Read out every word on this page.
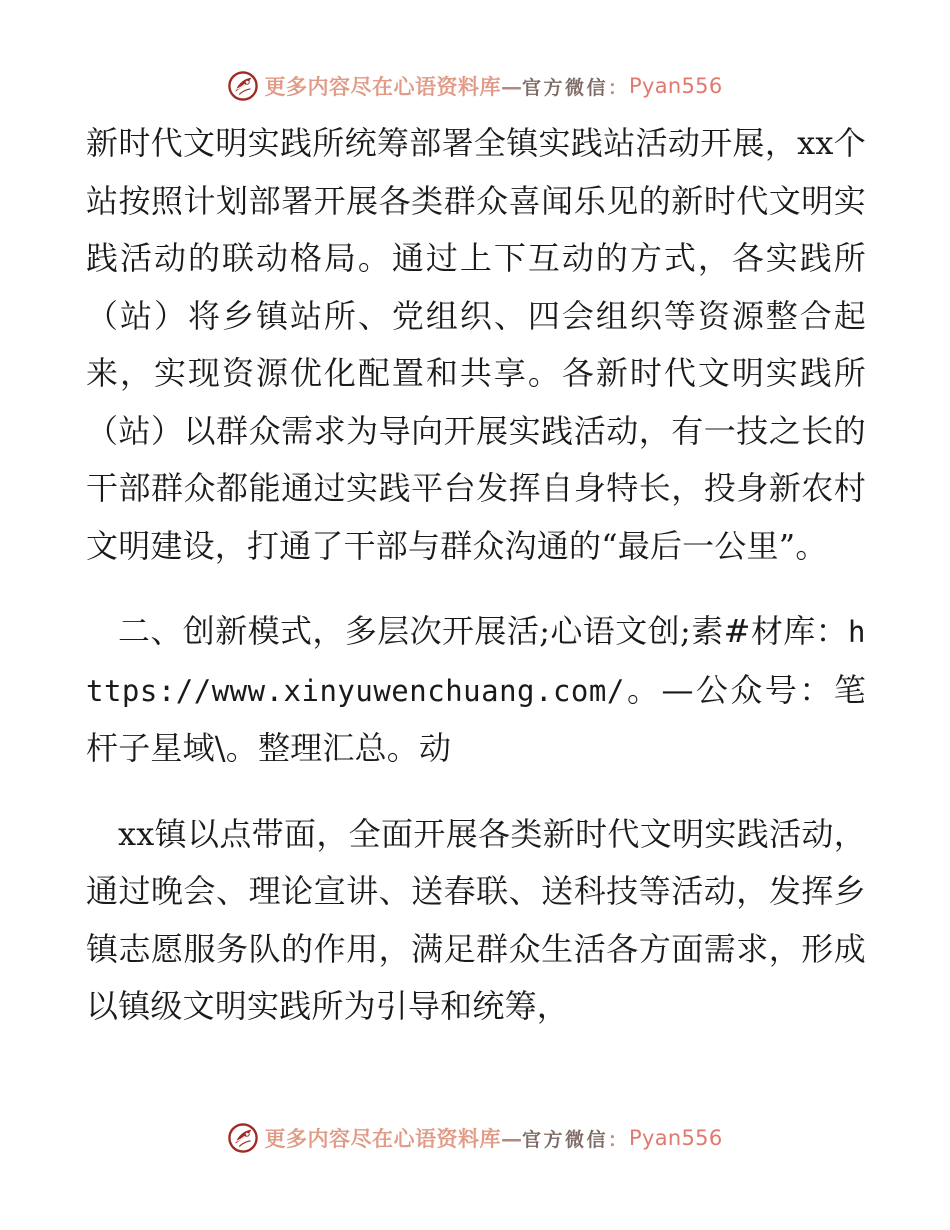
更多内容尽在心语资料库 — 官方微信 ： Pyan556

新时代文明实践所统筹部署全镇实践站活动开展，xx个站按照计划部署开展各类群众喜闻乐见的新时代文明实践活动的联动格局。通过上下互动的方式，各实践所（站）将乡镇站所、党组织、四会组织等资源整合起来，实现资源优化配置和共享。各新时代文明实践所（站）以群众需求为导向开展实践活动，有一技之长的干部群众都能通过实践平台发挥自身特长，投身新农村文明建设，打通了干部与群众沟通的“最后一公里”。

二、创新模式，多层次开展活;心语文创;素#材库：https://www.xinyuwenchuang.com/。—公众号：笔杆子星域\。整理汇总。动

xx镇以点带面，全面开展各类新时代文明实践活动，通过晚会、理论宣讲、送春联、送科技等活动，发挥乡镇志愿服务队的作用，满足群众生活各方面需求，形成以镇级文明实践所为引导和统筹，

更多内容尽在心语资料库 — 官方微信 ： Pyan556
